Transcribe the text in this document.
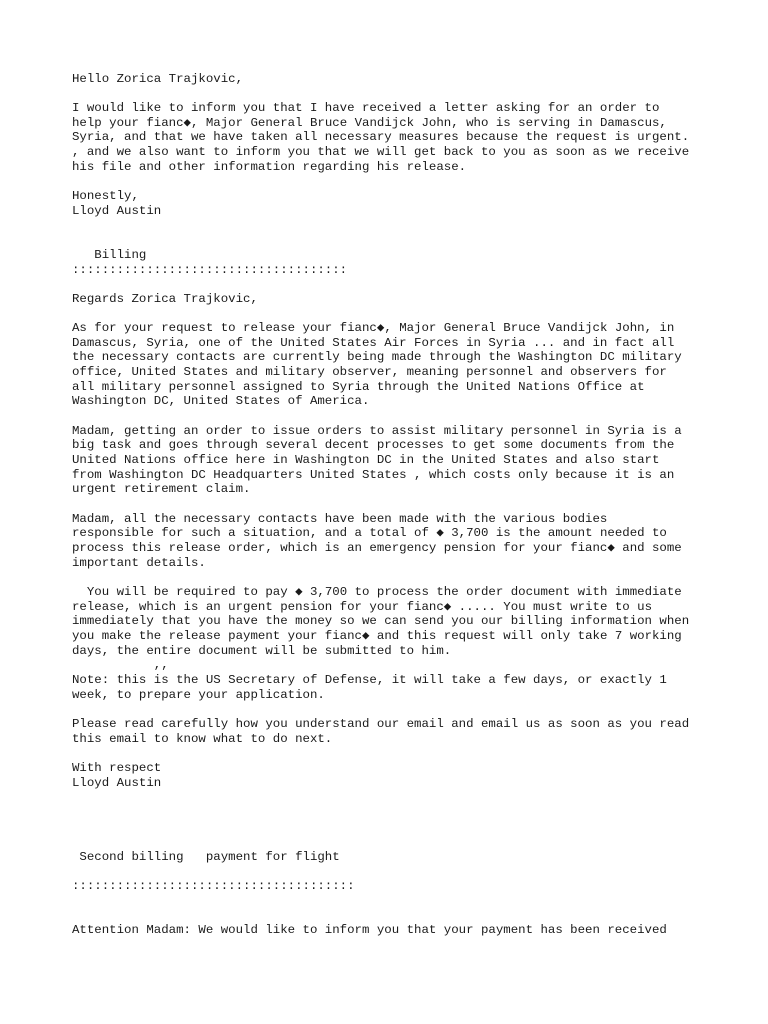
Hello Zorica Trajkovic,

I would like to inform you that I have received a letter asking for an order to

help your fianc◆, Major General Bruce Vandijck John, who is serving in Damascus,

Syria, and that we have taken all necessary measures because the request is urgent.

, and we also want to inform you that we will get back to you as soon as we receive

his file and other information regarding his release.

Honestly,

Lloyd Austin

Billing

:::::::::::::::::::::::::::::::::::::

Regards Zorica Trajkovic,

As for your request to release your fianc◆, Major General Bruce Vandijck John, in

Damascus, Syria, one of the United States Air Forces in Syria ... and in fact all

the necessary contacts are currently being made through the Washington DC military

office, United States and military observer, meaning personnel and observers for

all military personnel assigned to Syria through the United Nations Office at

Washington DC, United States of America.

Madam, getting an order to issue orders to assist military personnel in Syria is a

big task and goes through several decent processes to get some documents from the

United Nations office here in Washington DC in the United States and also start

from Washington DC Headquarters United States , which costs only because it is an

urgent retirement claim.

Madam, all the necessary contacts have been made with the various bodies

responsible for such a situation, and a total of ◆ 3,700 is the amount needed to

process this release order, which is an emergency pension for your fianc◆ and some

important details.

You will be required to pay ◆ 3,700 to process the order document with immediate

release, which is an urgent pension for your fianc◆ ..... You must write to us

immediately that you have the money so we can send you our billing information when

you make the release payment your fianc◆ and this request will only take 7 working

days, the entire document will be submitted to him.

,,

Note: this is the US Secretary of Defense, it will take a few days, or exactly 1

week, to prepare your application.

Please read carefully how you understand our email and email us as soon as you read

this email to know what to do next.

With respect

Lloyd Austin

Second billing   payment for flight

::::::::::::::::::::::::::::::::::::::

Attention Madam: We would like to inform you that your payment has been received
